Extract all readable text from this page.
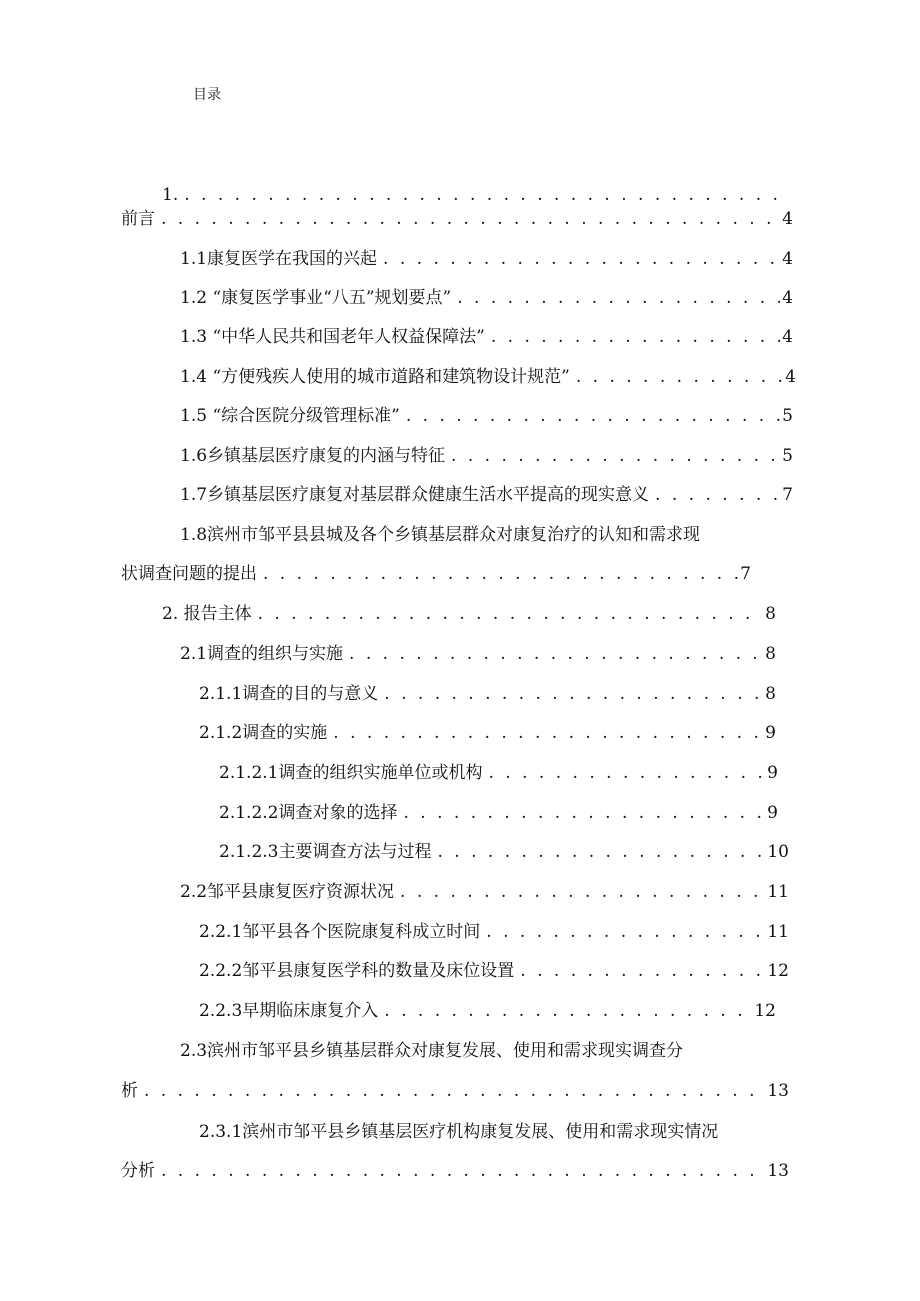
目录
1.
. . .
前言 . . .	4
1.1康复医学在我国的兴起 . . .	4
1.2 “康复医学事业“八五”规划要点” . . .	4
1.3 “中华人民共和国老年人权益保障法” . . .	4
1.4 “方便残疾人使用的城市道路和建筑物设计规范” . . .	4
1.5 “综合医院分级管理标准” . . .	5
1.6乡镇基层医疗康复的内涵与特征 . . .	5
1.7乡镇基层医疗康复对基层群众健康生活水平提高的现实意义 . . .	7
1.8滨州市邹平县县城及各个乡镇基层群众对康复治疗的认知和需求现
状调查问题的提出 . . .	7
2. 报告主体 . . .	8
2.1调查的组织与实施 . . .	8
2.1.1调查的目的与意义 . . .	8
2.1.2调查的实施 . . .	9
2.1.2.1调查的组织实施单位或机构 . . .	9
2.1.2.2调查对象的选择 . . .	9
2.1.2.3主要调查方法与过程 . . .	10
2.2邹平县康复医疗资源状况 . . .	11
2.2.1邹平县各个医院康复科成立时间 . . .	11
2.2.2邹平县康复医学科的数量及床位设置 . . .	12
2.2.3早期临床康复介入 . . .	12
2.3滨州市邹平县乡镇基层群众对康复发展、使用和需求现实调查分
析 . . .	13
2.3.1滨州市邹平县乡镇基层医疗机构康复发展、使用和需求现实情况
分析 . . .	13
